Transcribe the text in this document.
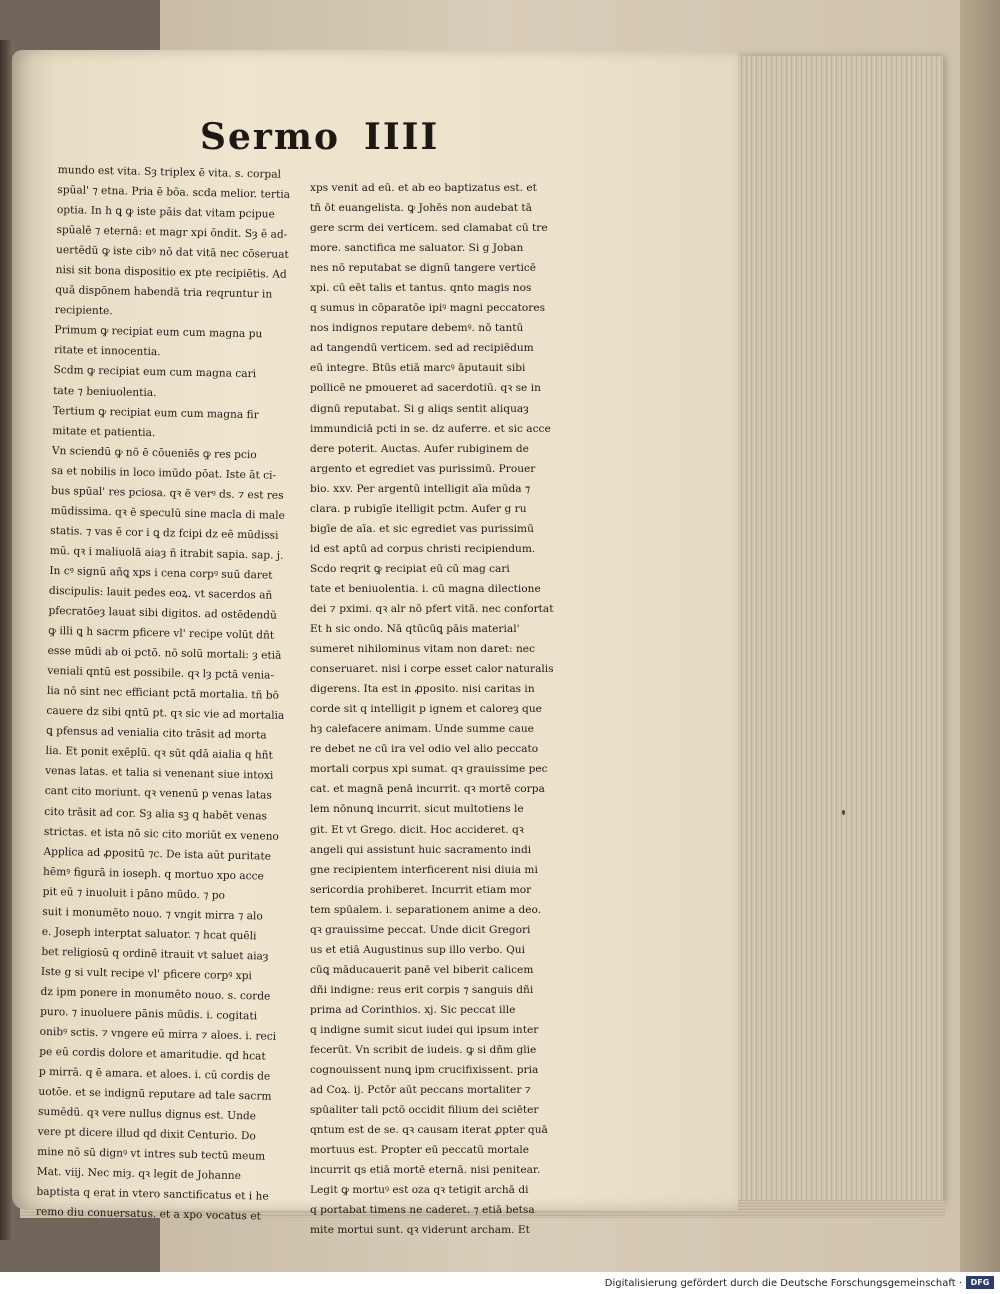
Sermo IIII
mundo est vita. Sȝ triplex ē vita. s. corpal
spūal' ⁊ etna. Pria ē bōa. scda melior. tertia
optia. In h ꝗ ꝙ iste pāis dat vitam pcipue
spūalē ⁊ eternā: et magr xpi ōndit. Sȝ ē ad-
uertēdū ꝙ iste cibꝰ nō dat vitā nec cōseruat
nisi sit bona dispositio ex pte recipiētis. Ad
quā dispōnem habendā tria reqruntur in
recipiente.
Primum ꝙ recipiat eum cum magna pu
ritate et innocentia.
Scdm ꝙ recipiat eum cum magna cari
tate ⁊ beniuolentia.
Tertium ꝙ recipiat eum cum magna fir
mitate et patientia.
Vn sciendū ꝙ nō ē cōueniēs ꝙ res pcio
sa et nobilis in loco imūdo pōat. Iste āt ci-
bus spūal' res pciosa. qꝛ ē verꝰ ds. ⁊ est res
mūdissima. qꝛ ē speculū sine macla di male
statis. ⁊ vas ē cor i ꝗ dz fcipi dz eē mūdissi
mū. qꝛ i maliuolā aiaȝ ñ itrabit sapia. sap. j.
In cꝰ signū añꝗ xps i cena corpꝰ suū daret
discipulis: lauit pedes eoꝝ. vt sacerdos añ
pfecratōeȝ lauat sibi digitos. ad ostēdendū
ꝙ illi ꝗ h sacrm pficere vl' recipe volūt dñt
esse mūdi ab oi pctō. nō solū mortali: ȝ etiā
veniali qntū est possibile. qꝛ lȝ pctā venia-
lia nō sint nec efficiant pctā mortalia. tñ bō
cauere dz sibi qntū pt. qꝛ sic vie ad mortalia
ꝗ pfensus ad venialia cito trāsit ad morta
lia. Et ponit exēplū. qꝛ sūt qdā aialia q hñt
venas latas. et talia si venenant siue intoxi
cant cito moriunt. qꝛ venenū p venas latas
cito trāsit ad cor. Sȝ alia sꝫ q habēt venas
strictas. et ista nō sic cito moriūt ex veneno
Applica ad ꝓpositū ⁊c. De ista aūt puritate
hēmꝰ figurā in ioseph. q mortuo xpo acce
pit eū ⁊ inuoluit i pāno mūdo. ⁊ po
suit i monumēto nouo. ⁊ vngit mirra ⁊ alo
e. Joseph interptat saluator. ⁊ hcat quēli
bet religiosū q ordinē itrauit vt saluet aiaȝ
Iste g si vult recipe vl' pficere corpꝰ xpi
dz ipm ponere in monumēto nouo. s. corde
puro. ⁊ inuoluere pānis mūdis. i. cogitati
onibꝰ sctis. ⁊ vngere eū mirra ⁊ aloes. i. reci
pe eū cordis dolore et amaritudie. qd hcat
p mirrā. q ē amara. et aloes. i. cū cordis de
uotōe. et se indignū reputare ad tale sacrm
sumēdū. qꝛ vere nullus dignus est. Unde
vere pt dicere illud qd dixit Centurio. Do
mine nō sū dignꝰ vt intres sub tectū meum
Mat. viij. Nec miȝ. qꝛ legit de Johanne
baptista q erat in vtero sanctificatus et i he
remo diu conuersatus. et a xpo vocatus et
xps venit ad eū. et ab eo baptizatus est. et
tñ ōt euangelista. ꝙ Johēs non audebat tā
gere scrm dei verticem. sed clamabat cū tre
more. sanctifica me saluator. Si g Joban
nes nō reputabat se dignū tangere verticē
xpi. cū eēt talis et tantus. qnto magis nos
q sumus in cōparatōe ipiꝰ magni peccatores
nos indignos reputare debemꝰ. nō tantū
ad tangendū verticem. sed ad recipiēdum
eū integre. Btūs etiā marcꝰ āputauit sibi
pollicē ne pmoueret ad sacerdotiū. qꝛ se in
dignū reputabat. Si g aliqs sentit aliquaȝ
immundiciā pcti in se. dz auferre. et sic acce
dere poterit. Auctas. Aufer rubiginem de
argento et egrediet vas purissimū. Prouer
bio. xxv. Per argentū intelligit aīa mūda ⁊
clara. p rubigīe itelligit pctm. Aufer g ru
bigīe de aīa. et sic egrediet vas purissimū
id est aptū ad corpus christi recipiendum.
Scdo reqrit ꝙ recipiat eū cū mag cari
tate et beniuolentia. i. cū magna dilectione
dei ⁊ pximi. qꝛ alr nō pfert vitā. nec confortat
Et h sic ondo. Nā qtūcūꝗ pāis material'
sumeret nihilominus vitam non daret: nec
conseruaret. nisi i corpe esset calor naturalis
digerens. Ita est in ꝓposito. nisi caritas in
corde sit q intelligit p ignem et caloreȝ que
hȝ calefacere animam. Unde summe caue
re debet ne cū ira vel odio vel alio peccato
mortali corpus xpi sumat. qꝛ grauissime pec
cat. et magnā penā incurrit. qꝛ mortē corpa
lem nōnunꝗ incurrit. sicut multotiens le
git. Et vt Grego. dicit. Hoc accideret. qꝛ
angeli qui assistunt huic sacramento indi
gne recipientem interficerent nisi diuia mi
sericordia prohiberet. Incurrit etiam mor
tem spūalem. i. separationem anime a deo.
qꝛ grauissime peccat. Unde dicit Gregori
us et etiā Augustinus sup illo verbo. Qui
cūꝗ māducauerit panē vel biberit calicem
dñi indigne: reus erit corpis ⁊ sanguis dñi
prima ad Corinthios. xj. Sic peccat ille
q indigne sumit sicut iudei qui ipsum inter
fecerūt. Vn scribit de iudeis. ꝙ si dñm glie
cognouissent nunꝗ ipm crucifixissent. pria
ad Coꝝ. ij. Pctōr aūt peccans mortaliter ⁊
spūaliter tali pctō occidit filium dei sciēter
qntum est de se. qꝛ causam iterat ꝓpter quā
mortuus est. Propter eū peccatū mortale
incurrit qs etiā mortē eternā. nisi penitear.
Legit ꝙ mortuꝰ est oza qꝛ tetigit archā di
q portabat timens ne caderet. ⁊ etiā betsa
mite mortui sunt. qꝛ viderunt archam. Et
Digitalisierung gefördert durch die Deutsche Forschungsgemeinschaft ·	DFG
